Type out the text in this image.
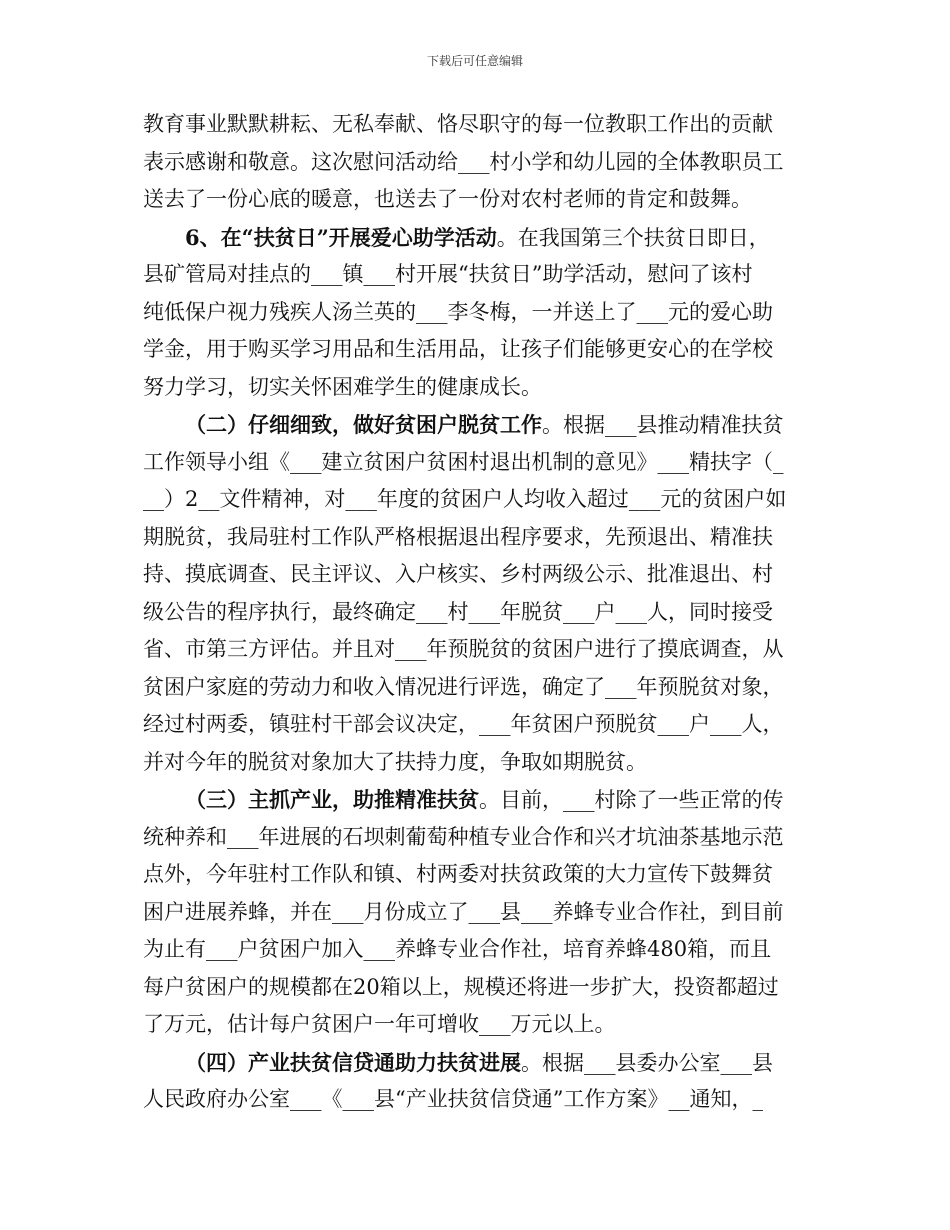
下载后可任意编辑

教育事业默默耕耘、无私奉献、恪尽职守的每一位教职工作出的贡献
表示感谢和敬意。这次慰问活动给___村小学和幼儿园的全体教职员工
送去了一份心底的暖意，也送去了一份对农村老师的肯定和鼓舞。

6、在“扶贫日”开展爱心助学活动。在我国第三个扶贫日即日，
县矿管局对挂点的___镇___村开展“扶贫日”助学活动，慰问了该村
纯低保户视力残疾人汤兰英的___李冬梅，一并送上了___元的爱心助
学金，用于购买学习用品和生活用品，让孩子们能够更安心的在学校
努力学习，切实关怀困难学生的健康成长。

（二）仔细细致，做好贫困户脱贫工作。根据___县推动精准扶贫
工作领导小组《___建立贫困户贫困村退出机制的意见》___精扶字（_
__）2__文件精神，对___年度的贫困户人均收入超过___元的贫困户如
期脱贫，我局驻村工作队严格根据退出程序要求，先预退出、精准扶
持、摸底调查、民主评议、入户核实、乡村两级公示、批准退出、村
级公告的程序执行，最终确定___村___年脱贫___户___人，同时接受
省、市第三方评估。并且对___年预脱贫的贫困户进行了摸底调查，从
贫困户家庭的劳动力和收入情况进行评选，确定了___年预脱贫对象，
经过村两委，镇驻村干部会议决定，___年贫困户预脱贫___户___人，
并对今年的脱贫对象加大了扶持力度，争取如期脱贫。

（三）主抓产业，助推精准扶贫。目前，___村除了一些正常的传
统种养和___年进展的石坝刺葡萄种植专业合作和兴才坑油茶基地示范
点外，今年驻村工作队和镇、村两委对扶贫政策的大力宣传下鼓舞贫
困户进展养蜂，并在___月份成立了___县___养蜂专业合作社，到目前
为止有___户贫困户加入___养蜂专业合作社，培育养蜂480箱，而且
每户贫困户的规模都在20箱以上，规模还将进一步扩大，投资都超过
了万元，估计每户贫困户一年可增收___万元以上。

（四）产业扶贫信贷通助力扶贫进展。根据___县委办公室___县
人民政府办公室___《___县“产业扶贫信贷通”工作方案》__通知，_
